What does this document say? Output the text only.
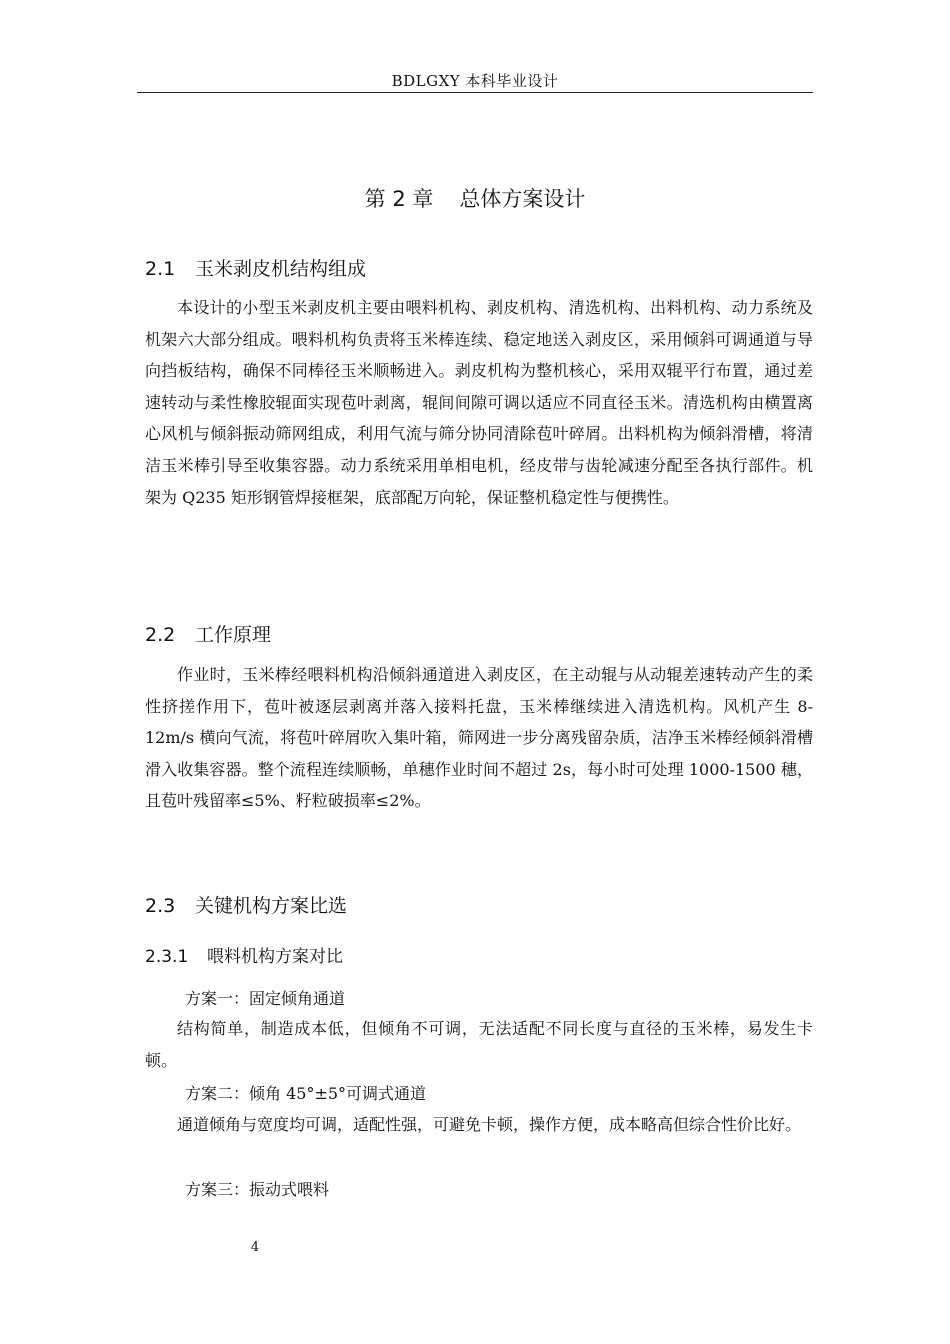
BDLGXY 本科毕业设计
第 2 章 总体方案设计
2.1 玉米剥皮机结构组成

本设计的小型玉米剥皮机主要由喂料机构、剥皮机构、清选机构、出料机构、动力系统及机架六大部分组成。喂料机构负责将玉米棒连续、稳定地送入剥皮区，采用倾斜可调通道与导向挡板结构，确保不同棒径玉米顺畅进入。剥皮机构为整机核心，采用双辊平行布置，通过差速转动与柔性橡胶辊面实现苞叶剥离，辊间间隙可调以适应不同直径玉米。清选机构由横置离心风机与倾斜振动筛网组成，利用气流与筛分协同清除苞叶碎屑。出料机构为倾斜滑槽，将清洁玉米棒引导至收集容器。动力系统采用单相电机，经皮带与齿轮减速分配至各执行部件。机架为 Q235 矩形钢管焊接框架，底部配万向轮，保证整机稳定性与便携性。

2.2 工作原理

作业时，玉米棒经喂料机构沿倾斜通道进入剥皮区，在主动辊与从动辊差速转动产生的柔性挤搓作用下，苞叶被逐层剥离并落入接料托盘，玉米棒继续进入清选机构。风机产生 8-12m/s 横向气流，将苞叶碎屑吹入集叶箱，筛网进一步分离残留杂质，洁净玉米棒经倾斜滑槽滑入收集容器。整个流程连续顺畅，单穗作业时间不超过 2s，每小时可处理 1000-1500 穗，且苞叶残留率≤5%、籽粒破损率≤2%。

2.3 关键机构方案比选
2.3.1 喂料机构方案对比

方案一：固定倾角通道

结构简单，制造成本低，但倾角不可调，无法适配不同长度与直径的玉米棒，易发生卡顿。

方案二：倾角 45°±5°可调式通道

通道倾角与宽度均可调，适配性强，可避免卡顿，操作方便，成本略高但综合性价比好。

方案三：振动式喂料

4
